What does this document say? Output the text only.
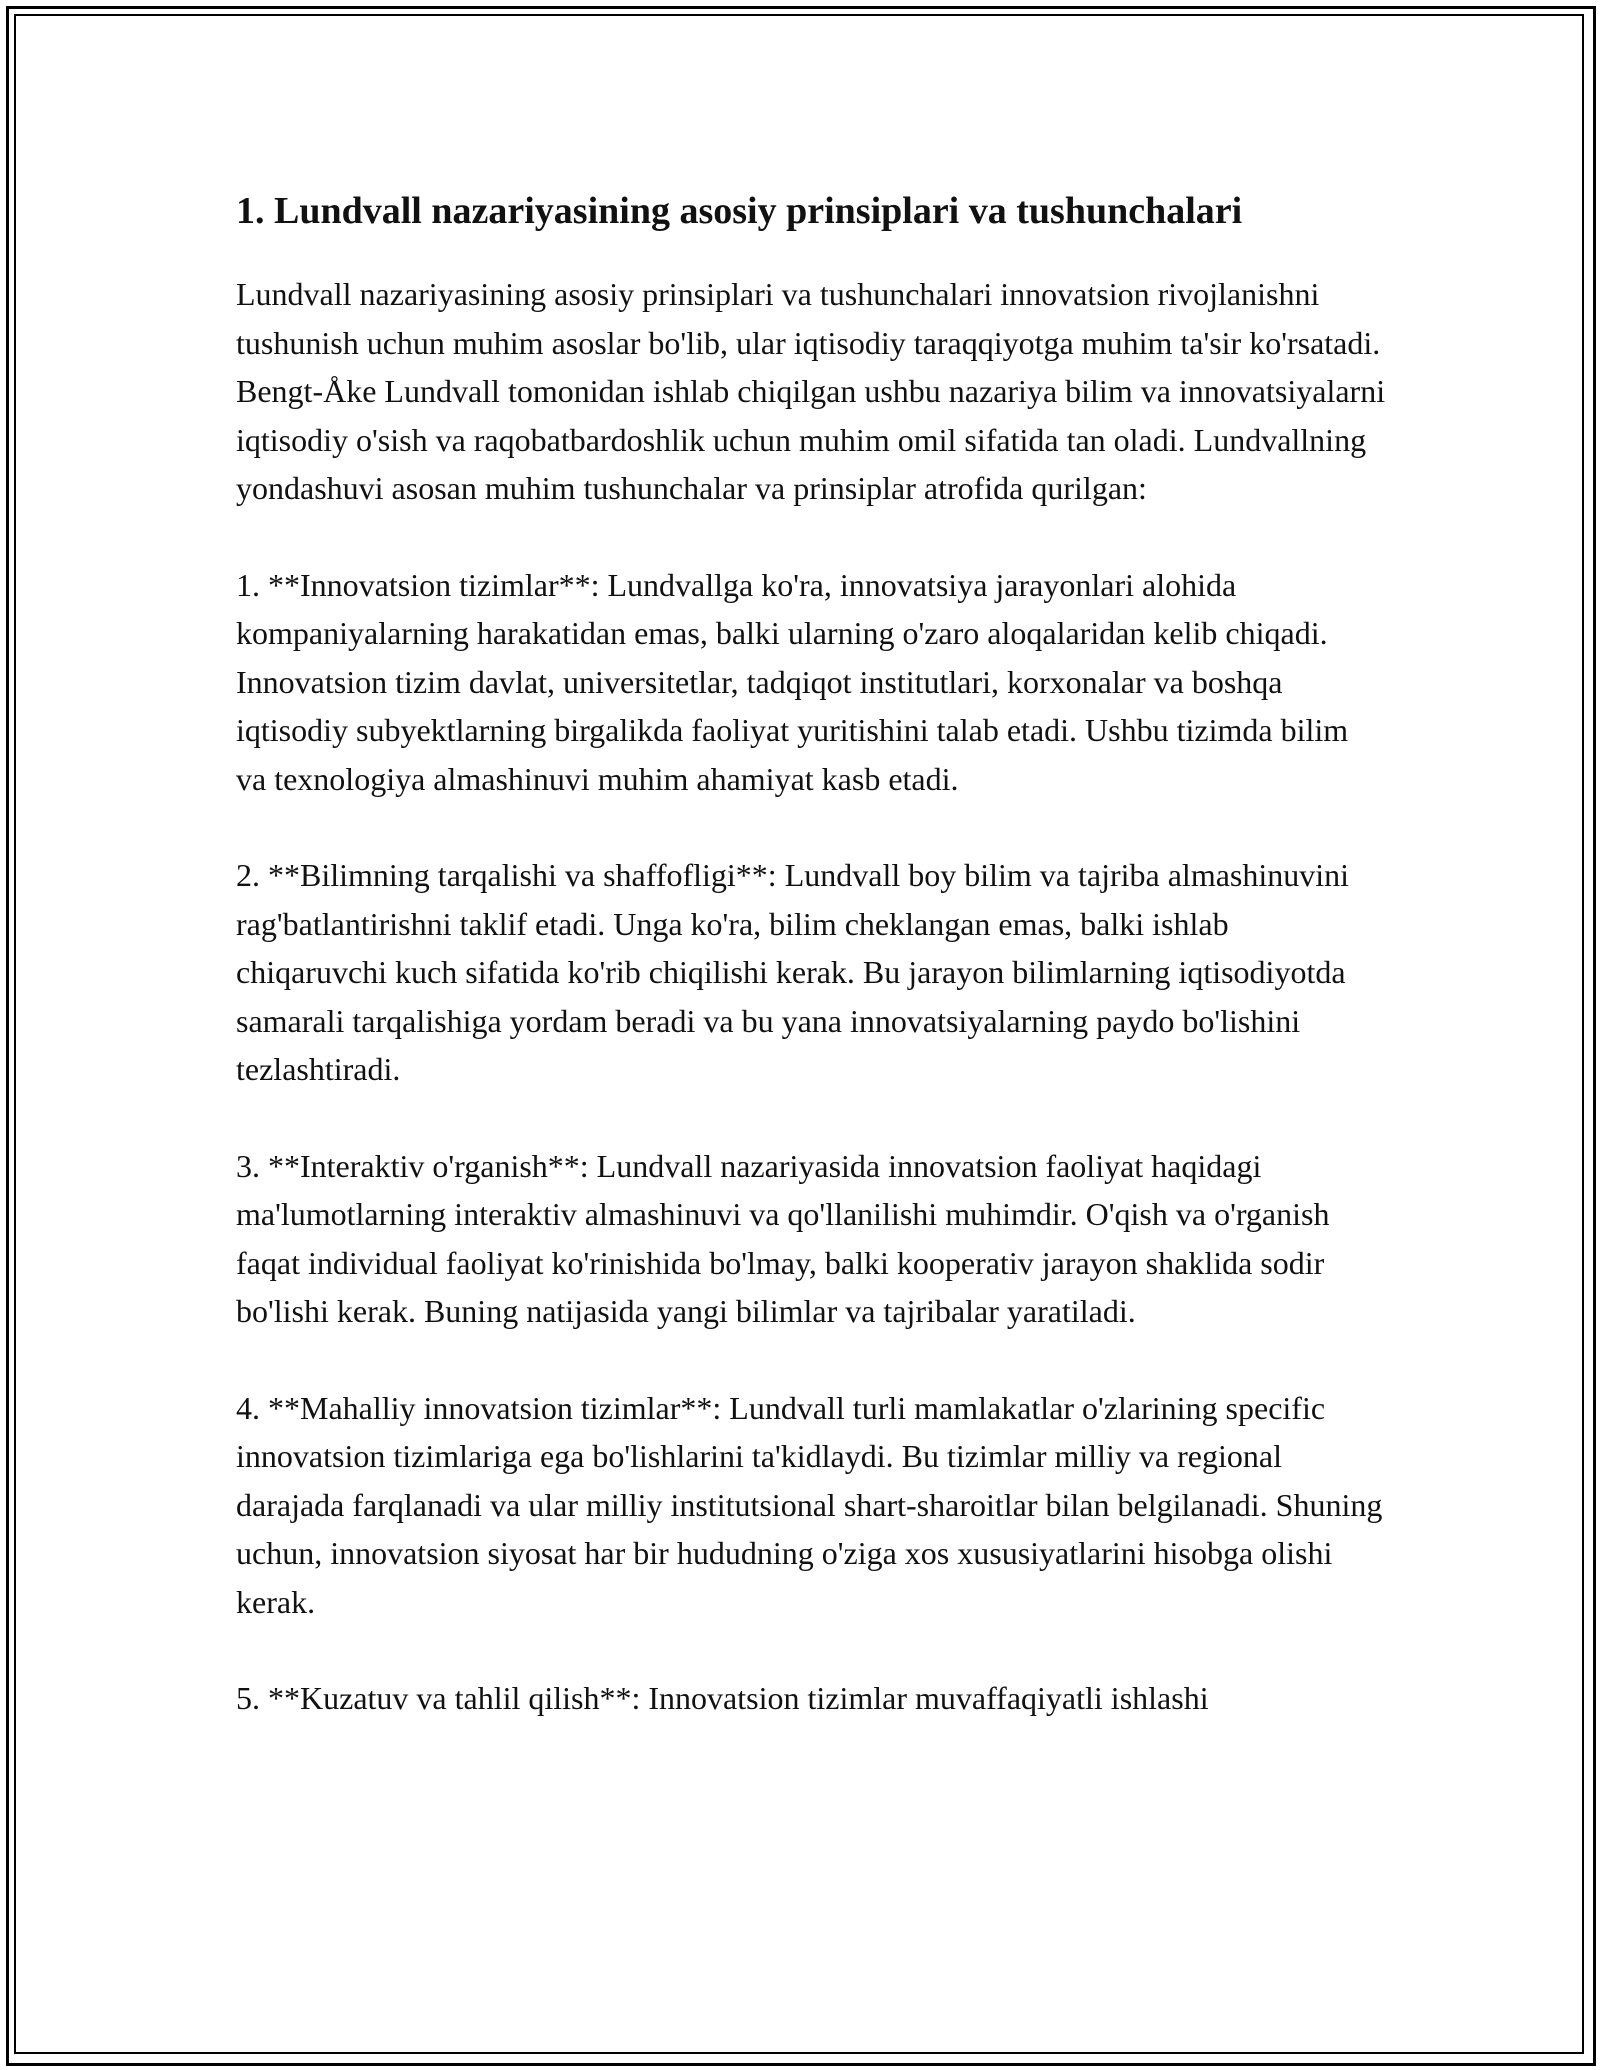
1. Lundvall nazariyasining asosiy prinsiplari va tushunchalari

Lundvall nazariyasining asosiy prinsiplari va tushunchalari innovatsion rivojlanishni tushunish uchun muhim asoslar bo'lib, ular iqtisodiy taraqqiyotga muhim ta'sir ko'rsatadi. Bengt-Åke Lundvall tomonidan ishlab chiqilgan ushbu nazariya bilim va innovatsiyalarni iqtisodiy o'sish va raqobatbardoshlik uchun muhim omil sifatida tan oladi. Lundvallning yondashuvi asosan muhim tushunchalar va prinsiplar atrofida qurilgan:

1. **Innovatsion tizimlar**: Lundvallga ko'ra, innovatsiya jarayonlari alohida kompaniyalarning harakatidan emas, balki ularning o'zaro aloqalaridan kelib chiqadi. Innovatsion tizim davlat, universitetlar, tadqiqot institutlari, korxonalar va boshqa iqtisodiy subyektlarning birgalikda faoliyat yuritishini talab etadi. Ushbu tizimda bilim va texnologiya almashinuvi muhim ahamiyat kasb etadi.

2. **Bilimning tarqalishi va shaffofligi**: Lundvall boy bilim va tajriba almashinuvini rag'batlantirishni taklif etadi. Unga ko'ra, bilim cheklangan emas, balki ishlab chiqaruvchi kuch sifatida ko'rib chiqilishi kerak. Bu jarayon bilimlarning iqtisodiyotda samarali tarqalishiga yordam beradi va bu yana innovatsiyalarning paydo bo'lishini tezlashtiradi.

3. **Interaktiv o'rganish**: Lundvall nazariyasida innovatsion faoliyat haqidagi ma'lumotlarning interaktiv almashinuvi va qo'llanilishi muhimdir. O'qish va o'rganish faqat individual faoliyat ko'rinishida bo'lmay, balki kooperativ jarayon shaklida sodir bo'lishi kerak. Buning natijasida yangi bilimlar va tajribalar yaratiladi.

4. **Mahalliy innovatsion tizimlar**: Lundvall turli mamlakatlar o'zlarining specific innovatsion tizimlariga ega bo'lishlarini ta'kidlaydi. Bu tizimlar milliy va regional darajada farqlanadi va ular milliy institutsional shart-sharoitlar bilan belgilanadi. Shuning uchun, innovatsion siyosat har bir hududning o'ziga xos xususiyatlarini hisobga olishi kerak.

5. **Kuzatuv va tahlil qilish**: Innovatsion tizimlar muvaffaqiyatli ishlashi
